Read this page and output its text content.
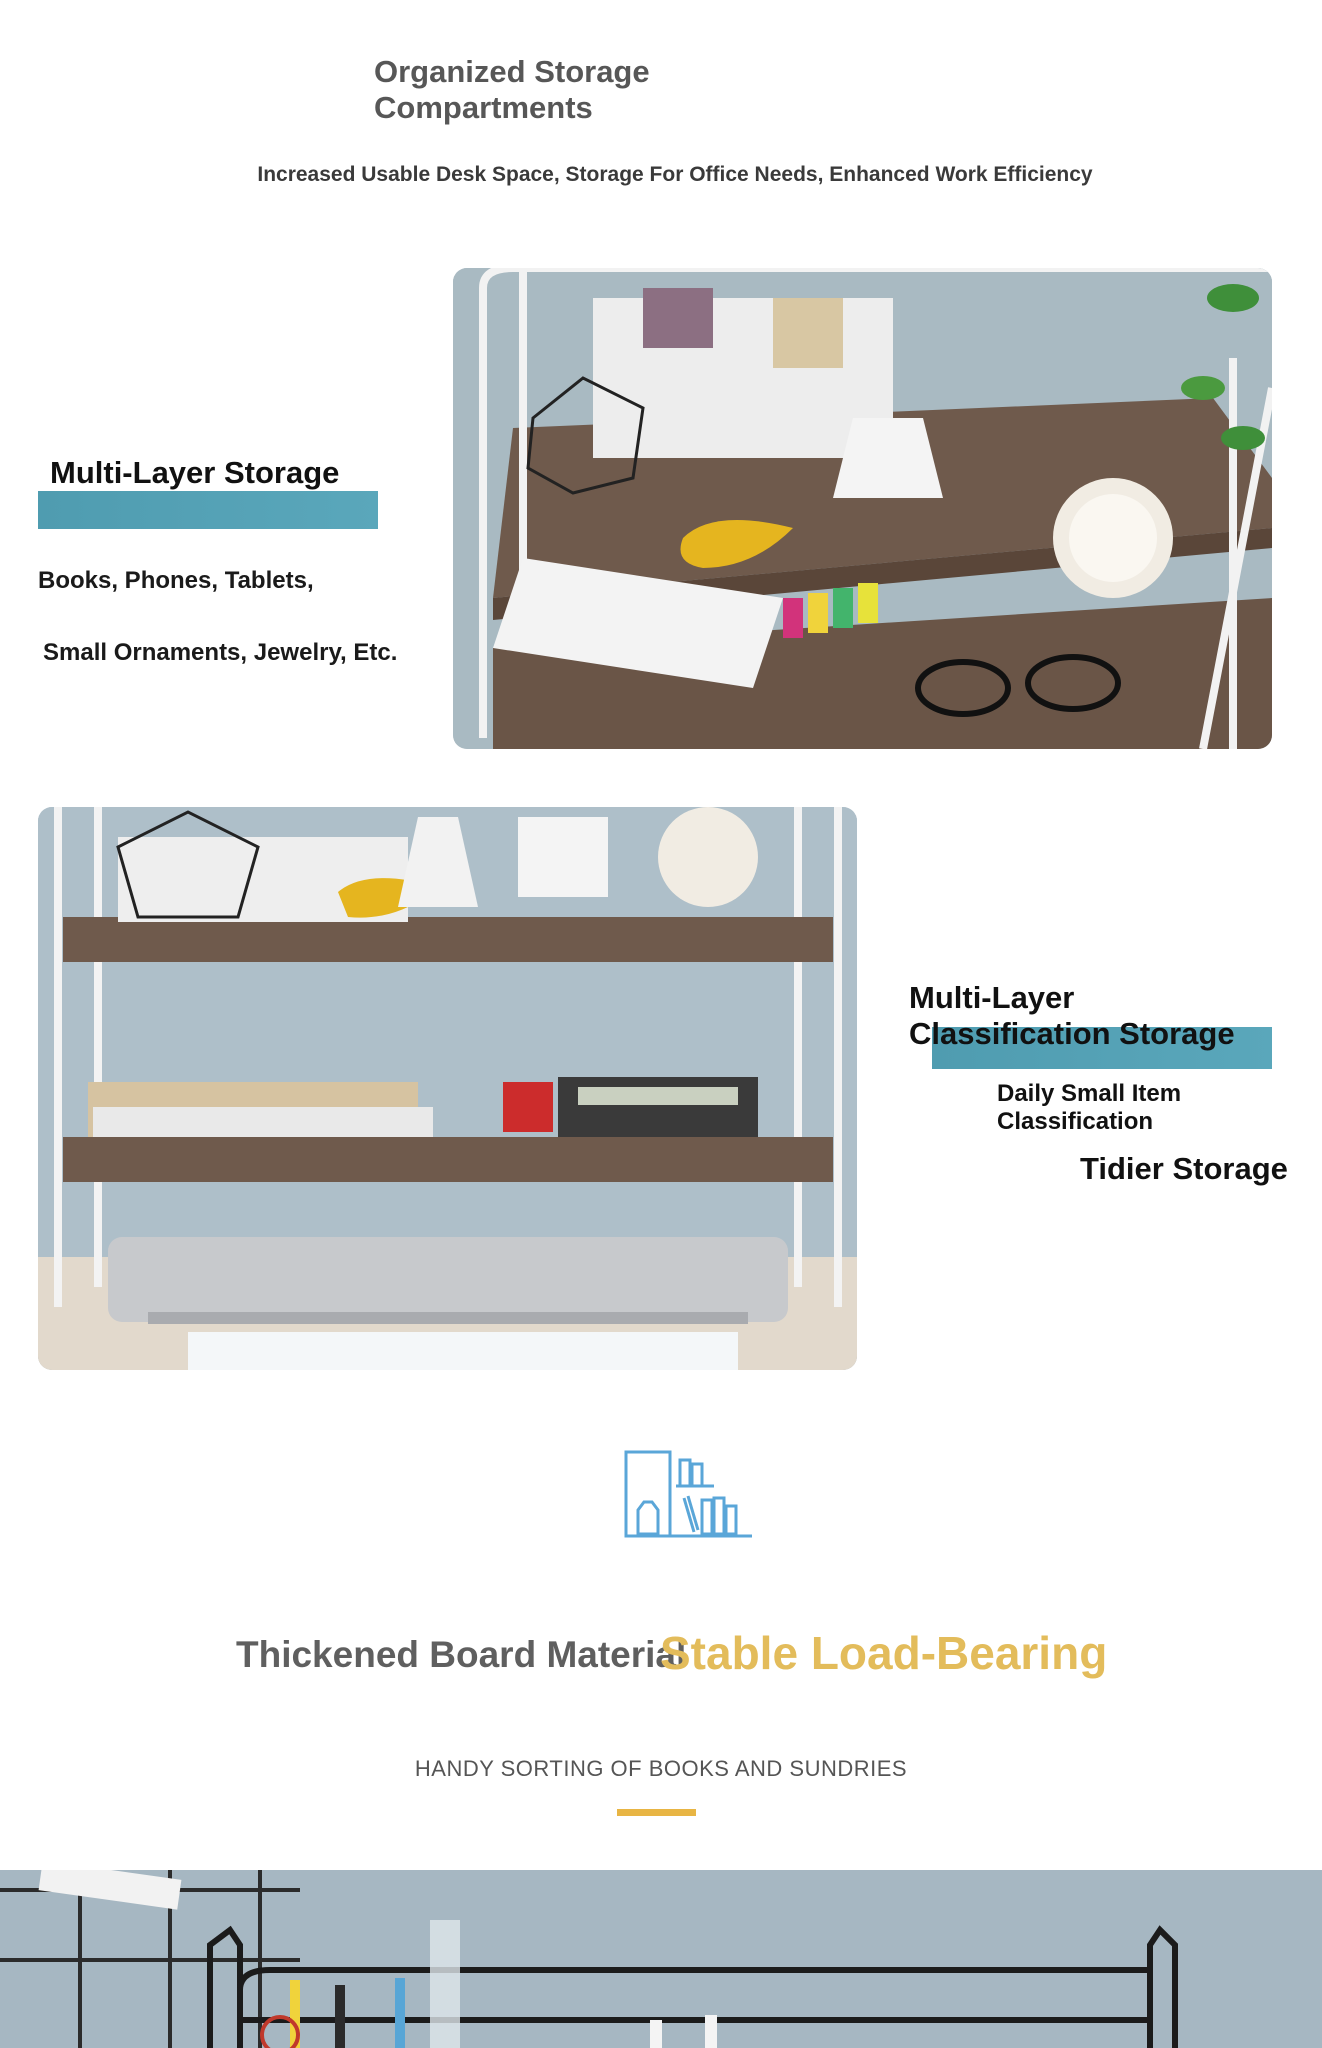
Organized Storage Compartments
Increased Usable Desk Space, Storage For Office Needs, Enhanced Work Efficiency
Multi-Layer Storage
Books, Phones, Tablets,
Small Ornaments, Jewelry, Etc.
Multi-Layer Classification Storage
Daily Small Item Classification
Tidier Storage
Thickened Board Material
Stable Load-Bearing
HANDY SORTING OF BOOKS AND SUNDRIES
